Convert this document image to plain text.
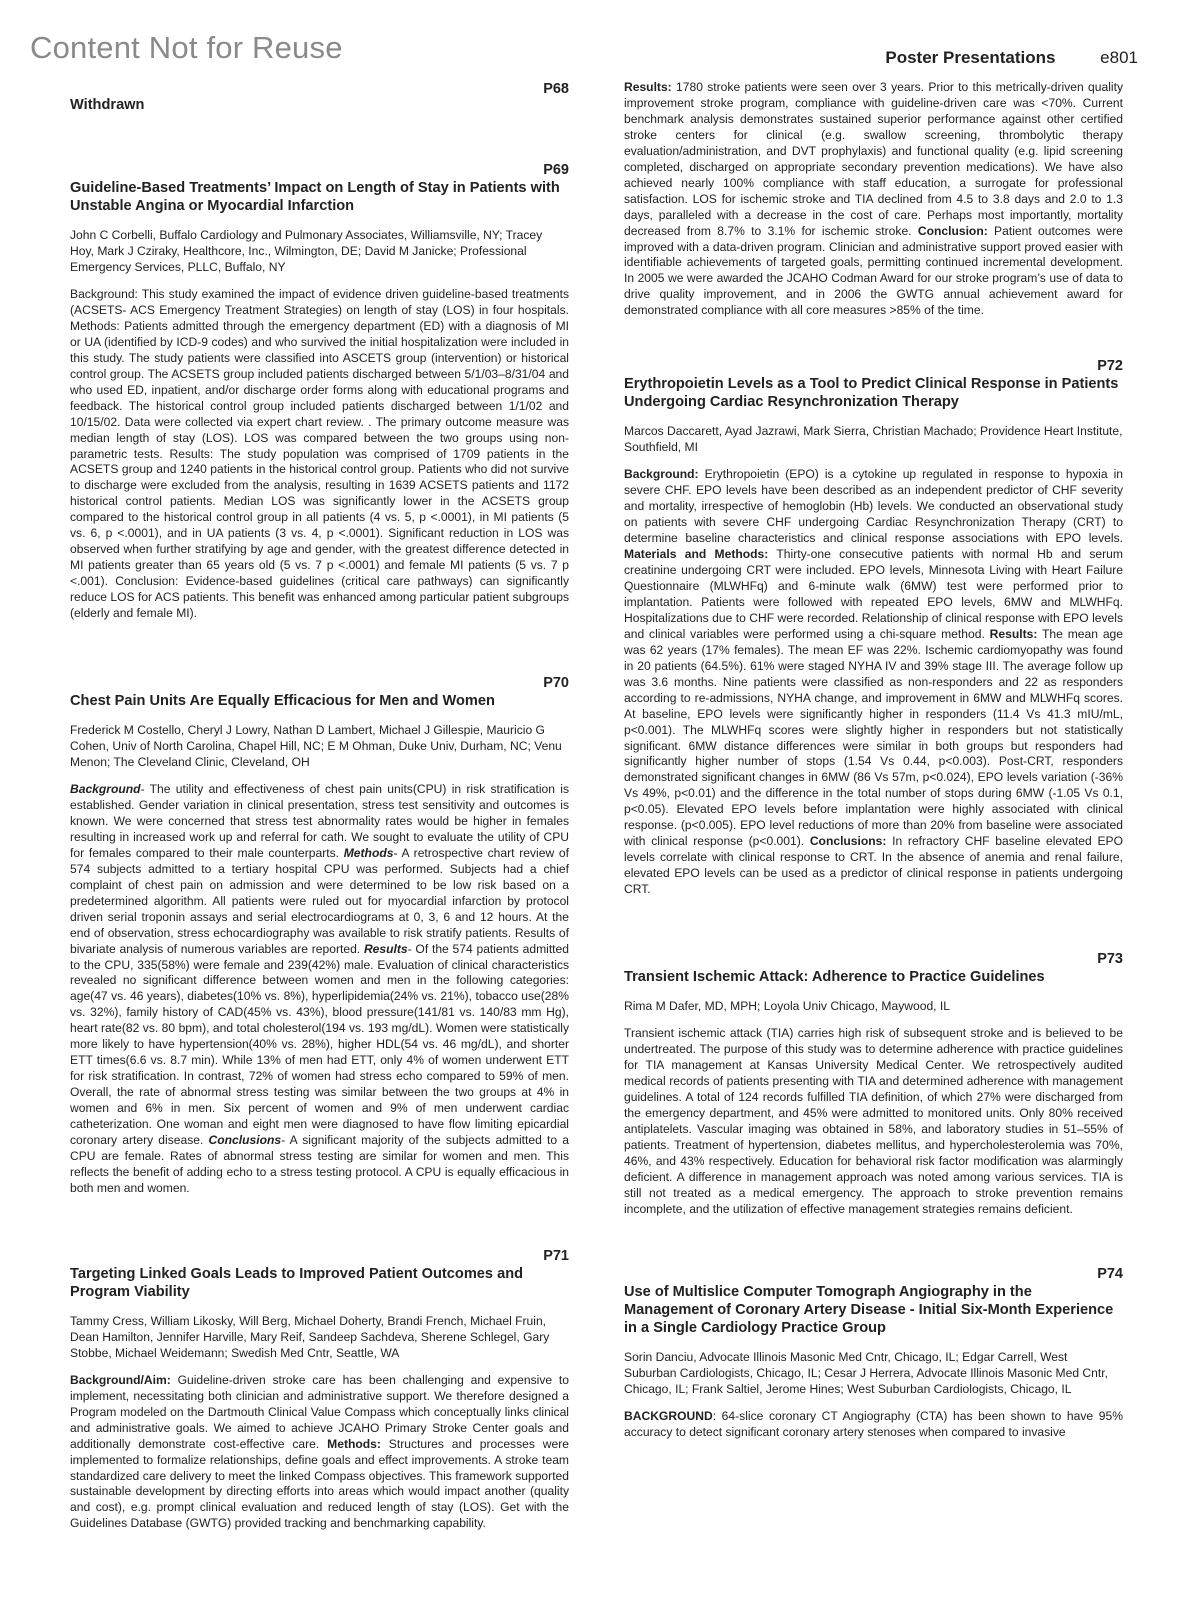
Content Not for Reuse	Poster Presentations	e801

P68

Withdrawn

P69

Guideline-Based Treatments’ Impact on Length of Stay in Patients with Unstable Angina or Myocardial Infarction

John C Corbelli, Buffalo Cardiology and Pulmonary Associates, Williamsville, NY; Tracey Hoy, Mark J Cziraky, Healthcore, Inc., Wilmington, DE; David M Janicke; Professional Emergency Services, PLLC, Buffalo, NY

Background: This study examined the impact of evidence driven guideline-based treatments (ACSETS- ACS Emergency Treatment Strategies) on length of stay (LOS) in four hospitals. Methods: Patients admitted through the emergency department (ED) with a diagnosis of MI or UA (identified by ICD-9 codes) and who survived the initial hospitalization were included in this study. The study patients were classified into ASCETS group (intervention) or historical control group. The ACSETS group included patients discharged between 5/1/03–8/31/04 and who used ED, inpatient, and/or discharge order forms along with educational programs and feedback. The historical control group included patients discharged between 1/1/02 and 10/15/02. Data were collected via expert chart review. . The primary outcome measure was median length of stay (LOS). LOS was compared between the two groups using non-parametric tests. Results: The study population was comprised of 1709 patients in the ACSETS group and 1240 patients in the historical control group. Patients who did not survive to discharge were excluded from the analysis, resulting in 1639 ACSETS patients and 1172 historical control patients. Median LOS was significantly lower in the ACSETS group compared to the historical control group in all patients (4 vs. 5, p <.0001), in MI patients (5 vs. 6, p <.0001), and in UA patients (3 vs. 4, p <.0001). Significant reduction in LOS was observed when further stratifying by age and gender, with the greatest difference detected in MI patients greater than 65 years old (5 vs. 7 p <.0001) and female MI patients (5 vs. 7 p <.001). Conclusion: Evidence-based guidelines (critical care pathways) can significantly reduce LOS for ACS patients. This benefit was enhanced among particular patient subgroups (elderly and female MI).

P70

Chest Pain Units Are Equally Efficacious for Men and Women

Frederick M Costello, Cheryl J Lowry, Nathan D Lambert, Michael J Gillespie, Mauricio G Cohen, Univ of North Carolina, Chapel Hill, NC; E M Ohman, Duke Univ, Durham, NC; Venu Menon; The Cleveland Clinic, Cleveland, OH

Background- The utility and effectiveness of chest pain units(CPU) in risk stratification is established. Gender variation in clinical presentation, stress test sensitivity and outcomes is known. We were concerned that stress test abnormality rates would be higher in females resulting in increased work up and referral for cath. We sought to evaluate the utility of CPU for females compared to their male counterparts. Methods- A retrospective chart review of 574 subjects admitted to a tertiary hospital CPU was performed. Subjects had a chief complaint of chest pain on admission and were determined to be low risk based on a predetermined algorithm. All patients were ruled out for myocardial infarction by protocol driven serial troponin assays and serial electrocardiograms at 0, 3, 6 and 12 hours. At the end of observation, stress echocardiography was available to risk stratify patients. Results of bivariate analysis of numerous variables are reported. Results- Of the 574 patients admitted to the CPU, 335(58%) were female and 239(42%) male. Evaluation of clinical characteristics revealed no significant difference between women and men in the following categories: age(47 vs. 46 years), diabetes(10% vs. 8%), hyperlipidemia(24% vs. 21%), tobacco use(28% vs. 32%), family history of CAD(45% vs. 43%), blood pressure(141/81 vs. 140/83 mm Hg), heart rate(82 vs. 80 bpm), and total cholesterol(194 vs. 193 mg/dL). Women were statistically more likely to have hypertension(40% vs. 28%), higher HDL(54 vs. 46 mg/dL), and shorter ETT times(6.6 vs. 8.7 min). While 13% of men had ETT, only 4% of women underwent ETT for risk stratification. In contrast, 72% of women had stress echo compared to 59% of men. Overall, the rate of abnormal stress testing was similar between the two groups at 4% in women and 6% in men. Six percent of women and 9% of men underwent cardiac catheterization. One woman and eight men were diagnosed to have flow limiting epicardial coronary artery disease. Conclusions- A significant majority of the subjects admitted to a CPU are female. Rates of abnormal stress testing are similar for women and men. This reflects the benefit of adding echo to a stress testing protocol. A CPU is equally efficacious in both men and women.

P71

Targeting Linked Goals Leads to Improved Patient Outcomes and Program Viability

Tammy Cress, William Likosky, Will Berg, Michael Doherty, Brandi French, Michael Fruin, Dean Hamilton, Jennifer Harville, Mary Reif, Sandeep Sachdeva, Sherene Schlegel, Gary Stobbe, Michael Weidemann; Swedish Med Cntr, Seattle, WA

Background/Aim: Guideline-driven stroke care has been challenging and expensive to implement, necessitating both clinician and administrative support. We therefore designed a Program modeled on the Dartmouth Clinical Value Compass which conceptually links clinical and administrative goals. We aimed to achieve JCAHO Primary Stroke Center goals and additionally demonstrate cost-effective care. Methods: Structures and processes were implemented to formalize relationships, define goals and effect improvements. A stroke team standardized care delivery to meet the linked Compass objectives. This framework supported sustainable development by directing efforts into areas which would impact another (quality and cost), e.g. prompt clinical evaluation and reduced length of stay (LOS). Get with the Guidelines Database (GWTG) provided tracking and benchmarking capability.

Results: 1780 stroke patients were seen over 3 years. Prior to this metrically-driven quality improvement stroke program, compliance with guideline-driven care was <70%. Current benchmark analysis demonstrates sustained superior performance against other certified stroke centers for clinical (e.g. swallow screening, thrombolytic therapy evaluation/administration, and DVT prophylaxis) and functional quality (e.g. lipid screening completed, discharged on appropriate secondary prevention medications). We have also achieved nearly 100% compliance with staff education, a surrogate for professional satisfaction. LOS for ischemic stroke and TIA declined from 4.5 to 3.8 days and 2.0 to 1.3 days, paralleled with a decrease in the cost of care. Perhaps most importantly, mortality decreased from 8.7% to 3.1% for ischemic stroke. Conclusion: Patient outcomes were improved with a data-driven program. Clinician and administrative support proved easier with identifiable achievements of targeted goals, permitting continued incremental development. In 2005 we were awarded the JCAHO Codman Award for our stroke program’s use of data to drive quality improvement, and in 2006 the GWTG annual achievement award for demonstrated compliance with all core measures >85% of the time.

P72

Erythropoietin Levels as a Tool to Predict Clinical Response in Patients Undergoing Cardiac Resynchronization Therapy

Marcos Daccarett, Ayad Jazrawi, Mark Sierra, Christian Machado; Providence Heart Institute, Southfield, MI

Background: Erythropoietin (EPO) is a cytokine up regulated in response to hypoxia in severe CHF. EPO levels have been described as an independent predictor of CHF severity and mortality, irrespective of hemoglobin (Hb) levels. We conducted an observational study on patients with severe CHF undergoing Cardiac Resynchronization Therapy (CRT) to determine baseline characteristics and clinical response associations with EPO levels. Materials and Methods: Thirty-one consecutive patients with normal Hb and serum creatinine undergoing CRT were included. EPO levels, Minnesota Living with Heart Failure Questionnaire (MLWHFq) and 6-minute walk (6MW) test were performed prior to implantation. Patients were followed with repeated EPO levels, 6MW and MLWHFq. Hospitalizations due to CHF were recorded. Relationship of clinical response with EPO levels and clinical variables were performed using a chi-square method. Results: The mean age was 62 years (17% females). The mean EF was 22%. Ischemic cardiomyopathy was found in 20 patients (64.5%). 61% were staged NYHA IV and 39% stage III. The average follow up was 3.6 months. Nine patients were classified as non-responders and 22 as responders according to re-admissions, NYHA change, and improvement in 6MW and MLWHFq scores. At baseline, EPO levels were significantly higher in responders (11.4 Vs 41.3 mIU/mL, p<0.001). The MLWHFq scores were slightly higher in responders but not statistically significant. 6MW distance differences were similar in both groups but responders had significantly higher number of stops (1.54 Vs 0.44, p<0.003). Post-CRT, responders demonstrated significant changes in 6MW (86 Vs 57m, p<0.024), EPO levels variation (-36% Vs 49%, p<0.01) and the difference in the total number of stops during 6MW (-1.05 Vs 0.1, p<0.05). Elevated EPO levels before implantation were highly associated with clinical response. (p<0.005). EPO level reductions of more than 20% from baseline were associated with clinical response (p<0.001). Conclusions: In refractory CHF baseline elevated EPO levels correlate with clinical response to CRT. In the absence of anemia and renal failure, elevated EPO levels can be used as a predictor of clinical response in patients undergoing CRT.

P73

Transient Ischemic Attack: Adherence to Practice Guidelines

Rima M Dafer, MD, MPH; Loyola Univ Chicago, Maywood, IL

Transient ischemic attack (TIA) carries high risk of subsequent stroke and is believed to be undertreated. The purpose of this study was to determine adherence with practice guidelines for TIA management at Kansas University Medical Center. We retrospectively audited medical records of patients presenting with TIA and determined adherence with management guidelines. A total of 124 records fulfilled TIA definition, of which 27% were discharged from the emergency department, and 45% were admitted to monitored units. Only 80% received antiplatelets. Vascular imaging was obtained in 58%, and laboratory studies in 51–55% of patients. Treatment of hypertension, diabetes mellitus, and hypercholesterolemia was 70%, 46%, and 43% respectively. Education for behavioral risk factor modification was alarmingly deficient. A difference in management approach was noted among various services. TIA is still not treated as a medical emergency. The approach to stroke prevention remains incomplete, and the utilization of effective management strategies remains deficient.

P74

Use of Multislice Computer Tomograph Angiography in the Management of Coronary Artery Disease - Initial Six-Month Experience in a Single Cardiology Practice Group

Sorin Danciu, Advocate Illinois Masonic Med Cntr, Chicago, IL; Edgar Carrell, West Suburban Cardiologists, Chicago, IL; Cesar J Herrera, Advocate Illinois Masonic Med Cntr, Chicago, IL; Frank Saltiel, Jerome Hines; West Suburban Cardiologists, Chicago, IL

BACKGROUND: 64-slice coronary CT Angiography (CTA) has been shown to have 95% accuracy to detect significant coronary artery stenoses when compared to invasive
